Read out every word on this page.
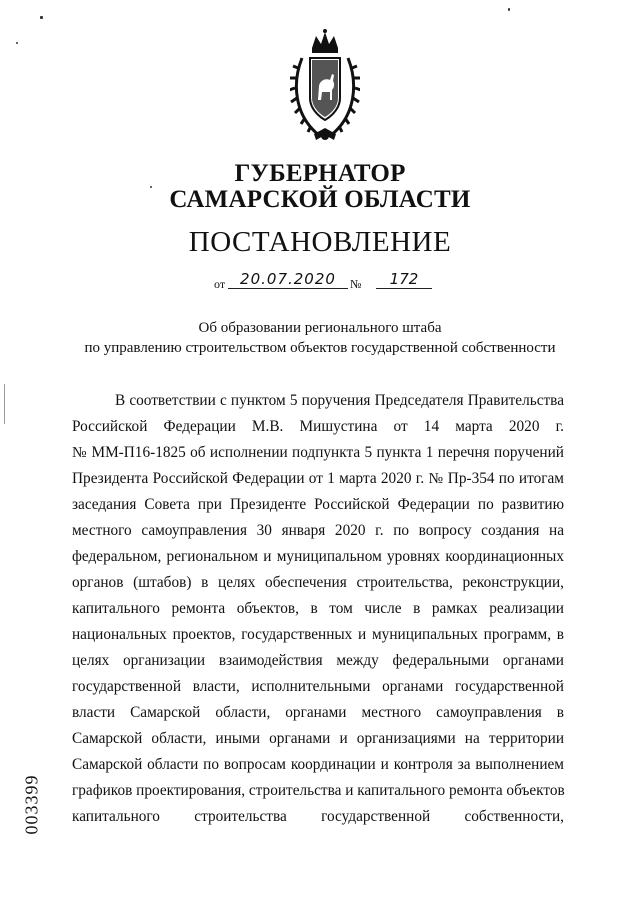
ГУБЕРНАТОР
САМАРСКОЙ ОБЛАСТИ
ПОСТАНОВЛЕНИЕ
от 20.07.2020	№	172
Об образовании регионального штаба
по управлению строительством объектов государственной собственности
В соответствии с пунктом 5 поручения Председателя Правительства
Российской Федерации М.В. Мишустина от 14 марта 2020 г.
№ ММ-П16-1825 об исполнении подпункта 5 пункта 1 перечня поручений
Президента Российской Федерации от 1 марта 2020 г. № Пр-354 по итогам
заседания Совета при Президенте Российской Федерации по развитию
местного самоуправления 30 января 2020 г. по вопросу создания на
федеральном, региональном и муниципальном уровнях координационных
органов (штабов) в целях обеспечения строительства, реконструкции,
капитального ремонта объектов, в том числе в рамках реализации
национальных проектов, государственных и муниципальных программ, в
целях организации взаимодействия между федеральными органами
государственной власти, исполнительными органами государственной
власти Самарской области, органами местного самоуправления в
Самарской области, иными органами и организациями на территории
Самарской области по вопросам координации и контроля за выполнением
графиков проектирования, строительства и капитального ремонта объектов
капитального строительства государственной собственности,
003399
